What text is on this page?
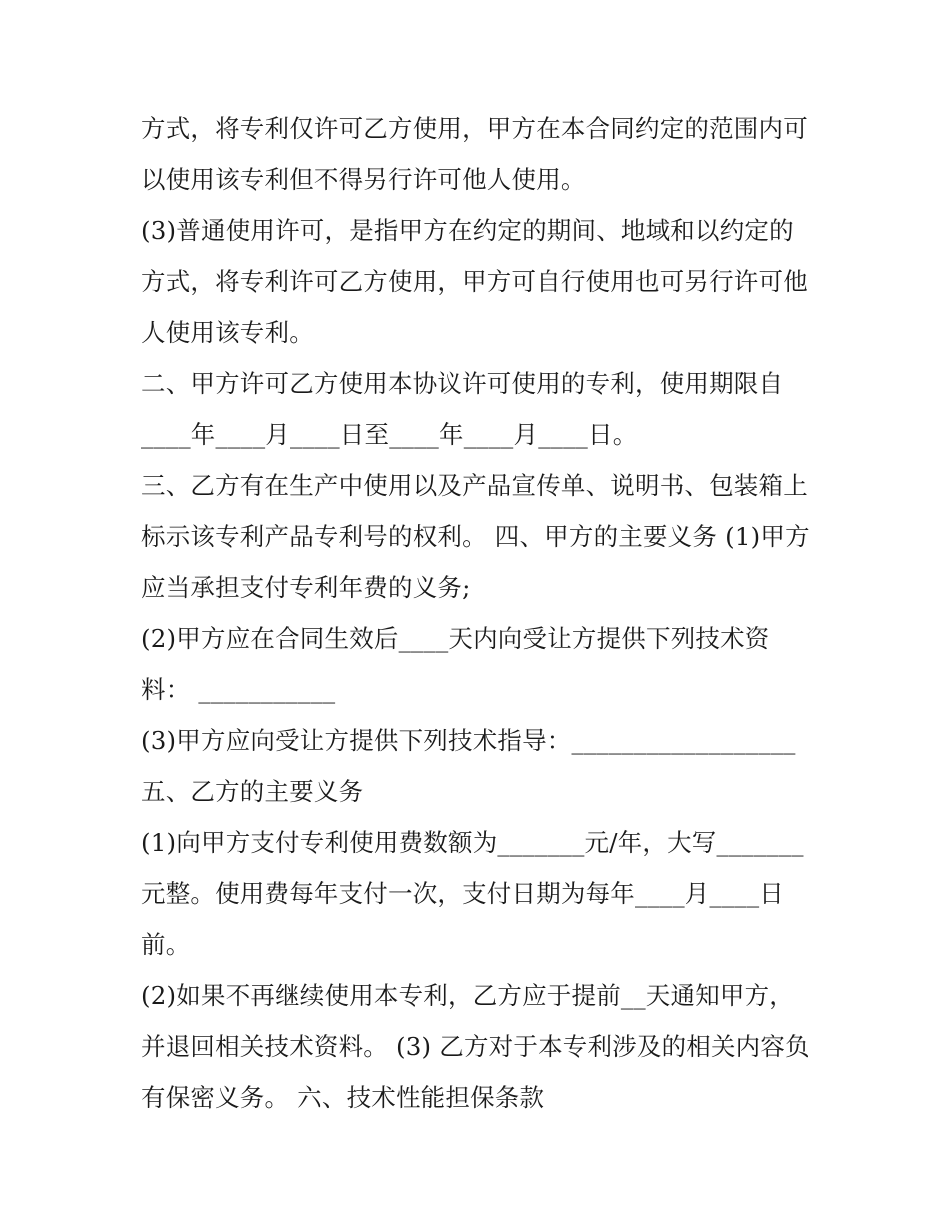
方式，将专利仅许可乙方使用，甲方在本合同约定的范围内可
以使用该专利但不得另行许可他人使用。
(3)普通使用许可，是指甲方在约定的期间、地域和以约定的
方式，将专利许可乙方使用，甲方可自行使用也可另行许可他
人使用该专利。
二、甲方许可乙方使用本协议许可使用的专利，使用期限自
____年____月____日至____年____月____日。
三、乙方有在生产中使用以及产品宣传单、说明书、包装箱上
标示该专利产品专利号的权利。 四、甲方的主要义务 (1)甲方
应当承担支付专利年费的义务;
(2)甲方应在合同生效后____天内向受让方提供下列技术资
料： ___________
(3)甲方应向受让方提供下列技术指导：__________________
五、乙方的主要义务
(1)向甲方支付专利使用费数额为_______元/年，大写_______
元整。使用费每年支付一次，支付日期为每年____月____日
前。
(2)如果不再继续使用本专利，乙方应于提前__天通知甲方，
并退回相关技术资料。 (3) 乙方对于本专利涉及的相关内容负
有保密义务。 六、技术性能担保条款
